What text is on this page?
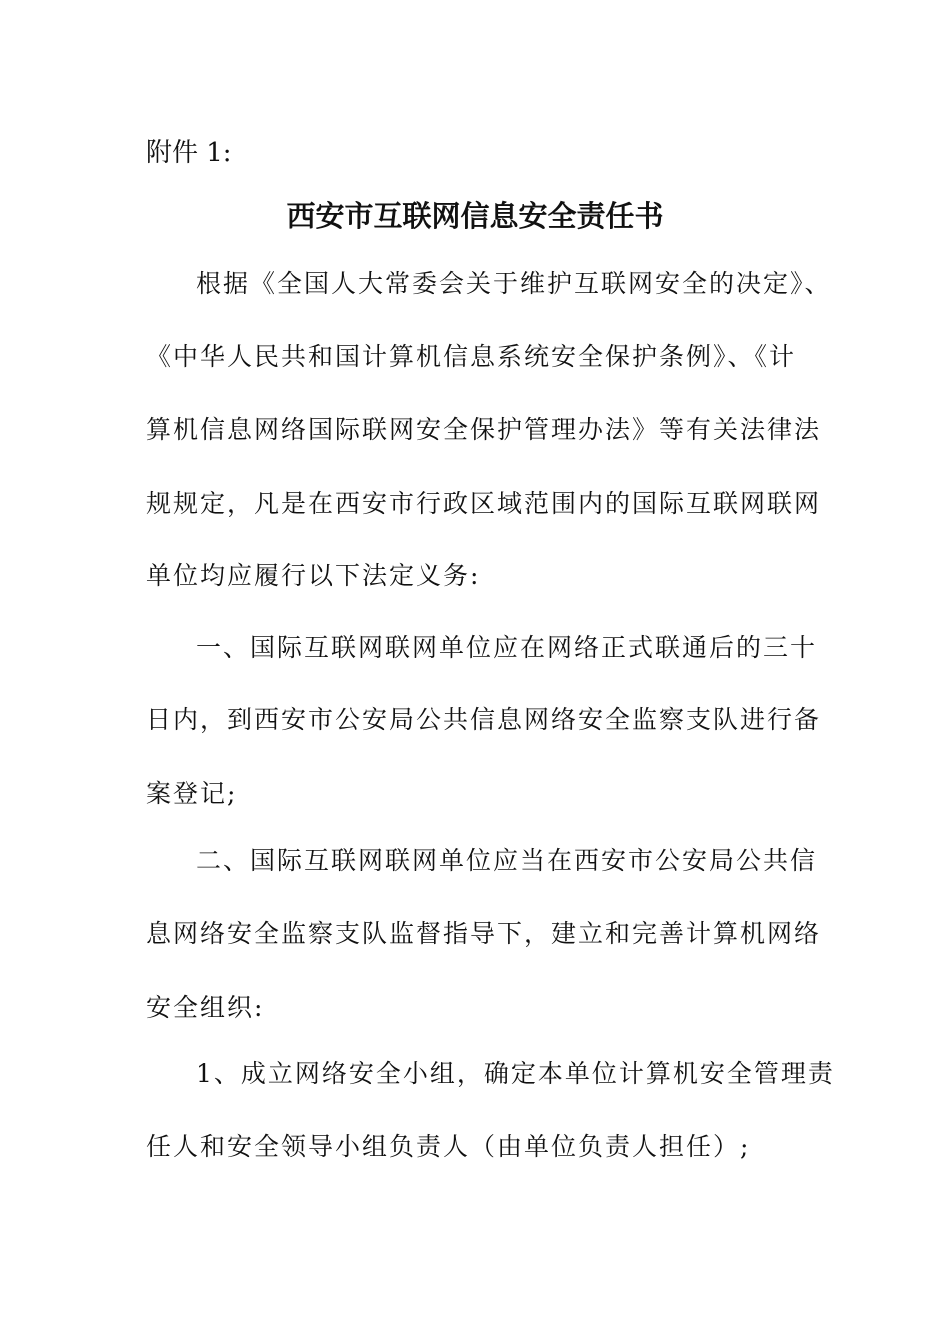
附件 1:
西安市互联网信息安全责任书
根据《全国人大常委会关于维护互联网安全的决定》、
《中华人民共和国计算机信息系统安全保护条例》、《计
算机信息网络国际联网安全保护管理办法》等有关法律法
规规定，凡是在西安市行政区域范围内的国际互联网联网
单位均应履行以下法定义务:
一、国际互联网联网单位应在网络正式联通后的三十
日内，到西安市公安局公共信息网络安全监察支队进行备
案登记;
二、国际互联网联网单位应当在西安市公安局公共信
息网络安全监察支队监督指导下，建立和完善计算机网络
安全组织:
1、成立网络安全小组，确定本单位计算机安全管理责
任人和安全领导小组负责人（由单位负责人担任）;
